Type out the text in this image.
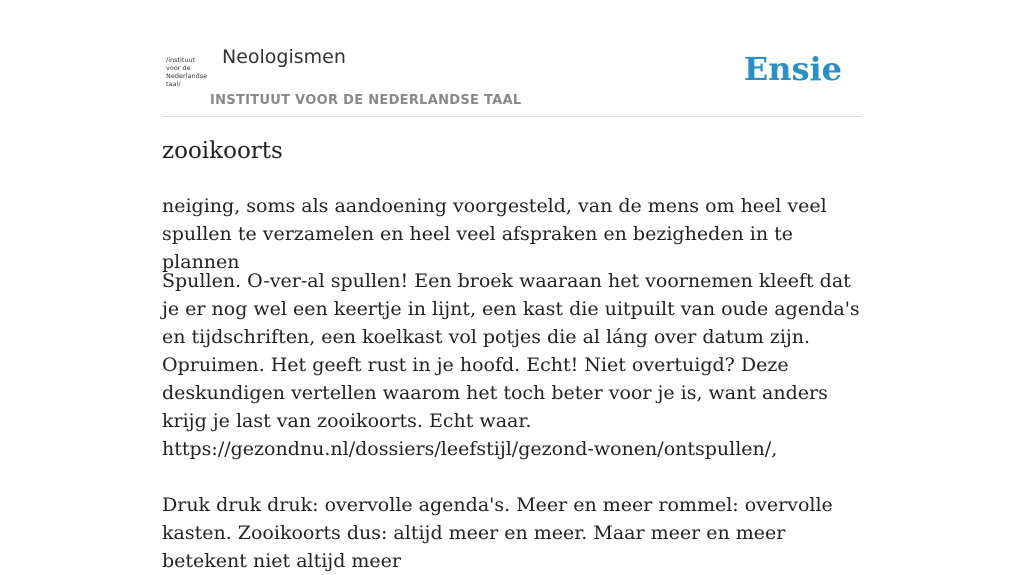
/instituut
voor de
Nederlandse
taal/
Neologismen
INSTITUUT VOOR DE NEDERLANDSE TAAL
Ensie
zooikoorts
neiging, soms als aandoening voorgesteld, van de mens om heel veel spullen te verzamelen en heel veel afspraken en bezigheden in te plannen

Spullen. O-ver-al spullen! Een broek waaraan het voornemen kleeft dat je er nog wel een keertje in lijnt, een kast die uitpuilt van oude agenda's en tijdschriften, een koelkast vol potjes die al láng over datum zijn. Opruimen. Het geeft rust in je hoofd. Echt! Niet overtuigd? Deze deskundigen vertellen waarom het toch beter voor je is, want anders krijg je last van zooikoorts. Echt waar. https://gezondnu.nl/dossiers/leefstijl/gezond-wonen/ontspullen/,

Druk druk druk: overvolle agenda's. Meer en meer rommel: overvolle kasten. Zooikoorts dus: altijd meer en meer. Maar meer en meer betekent niet altijd meer
